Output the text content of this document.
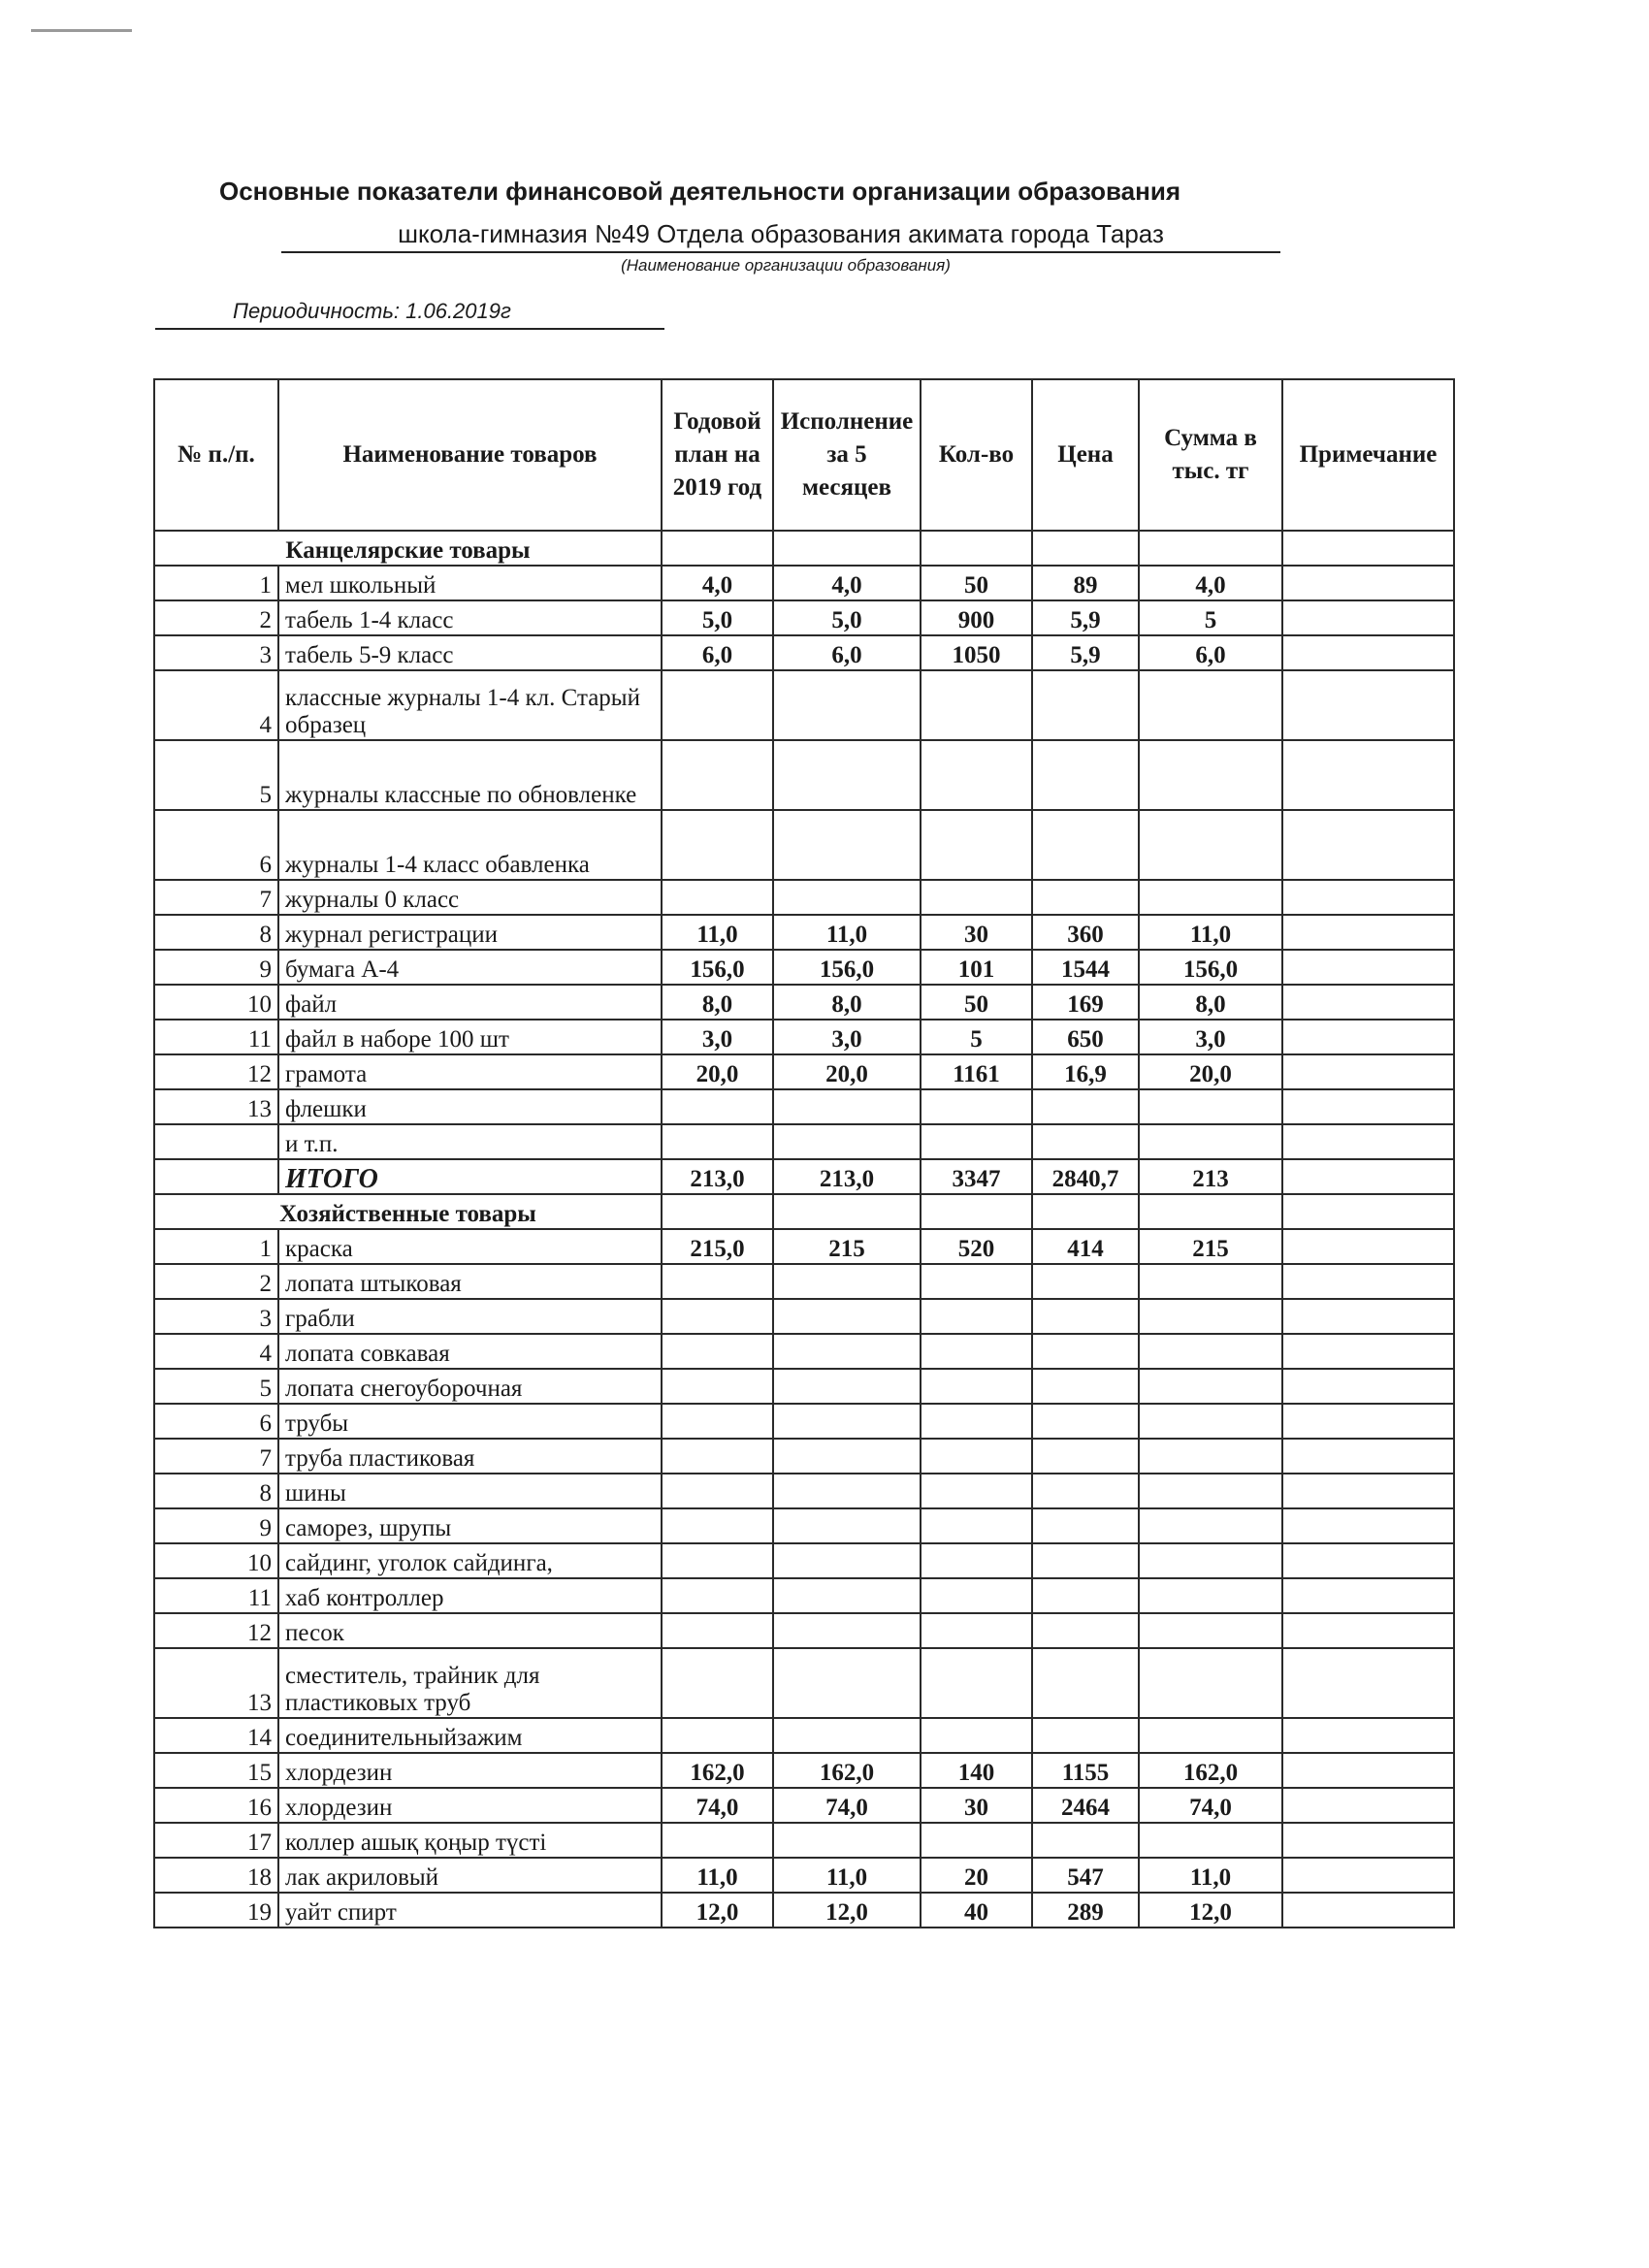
Основные показатели финансовой деятельности организации образования
школа-гимназия №49 Отдела образования акимата города Тараз
(Наименование организации образования)
Периодичность: 1.06.2019г
№ п./п.	Наименование товаров	Годовой план на 2019 год	Исполнение за 5 месяцев	Кол-во	Цена	Сумма в тыс. тг	Примечание
Канцелярские товары							
1	мел школьный	4,0	4,0	50	89	4,0	
2	табель 1-4 класс	5,0	5,0	900	5,9	5	
3	табель 5-9 класс	6,0	6,0	1050	5,9	6,0	
4	классные журналы 1-4 кл. Старый образец						
5	журналы классные по обновленке						
6	журналы 1-4 класс обавленка						
7	журналы 0 класс						
8	журнал регистрации	11,0	11,0	30	360	11,0	
9	бумага А-4	156,0	156,0	101	1544	156,0	
10	файл	8,0	8,0	50	169	8,0	
11	файл в наборе 100 шт	3,0	3,0	5	650	3,0	
12	грамота	20,0	20,0	1161	16,9	20,0	
13	флешки						
	и т.п.						
	ИТОГО	213,0	213,0	3347	2840,7	213	
Хозяйственные товары							
1	краска	215,0	215	520	414	215	
2	лопата штыковая						
3	грабли						
4	лопата совкавая						
5	лопата снегоуборочная						
6	трубы						
7	труба пластиковая						
8	шины						
9	саморез, шрупы						
10	сайдинг, уголок сайдинга,						
11	хаб контроллер						
12	песок						
13	сместитель, трайник для пластиковых труб						
14	соединительныйзажим						
15	хлордезин	162,0	162,0	140	1155	162,0	
16	хлордезин	74,0	74,0	30	2464	74,0	
17	коллер ашық қоңыр түсті						
18	лак акриловый	11,0	11,0	20	547	11,0	
19	уайт спирт	12,0	12,0	40	289	12,0	
